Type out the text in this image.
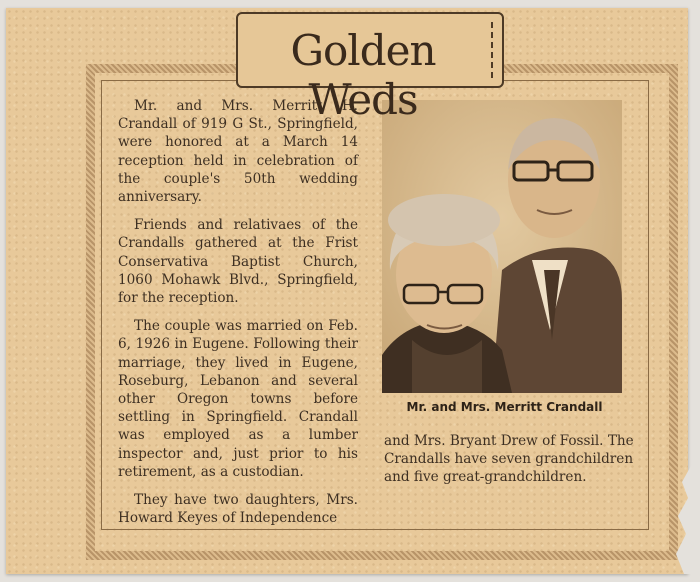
Golden Weds

Mr. and Mrs. Merritt H. Crandall of 919 G St., Springfield, were honored at a March 14 reception held in celebration of the couple's 50th wedding anniversary.

Friends and relativaes of the Crandalls gathered at the Frist Conservativa Baptist Church, 1060 Mohawk Blvd., Springfield, for the reception.

The couple was married on Feb. 6, 1926 in Eugene. Following their marriage, they lived in Eugene, Roseburg, Lebanon and several other Oregon towns before settling in Springfield. Crandall was employed as a lumber inspector and, just prior to his retirement, as a custodian.

They have two daughters, Mrs. Howard Keyes of Independence

Mr. and Mrs. Merritt Crandall

and Mrs. Bryant Drew of Fossil. The Crandalls have seven grandchildren and five great-grandchildren.
